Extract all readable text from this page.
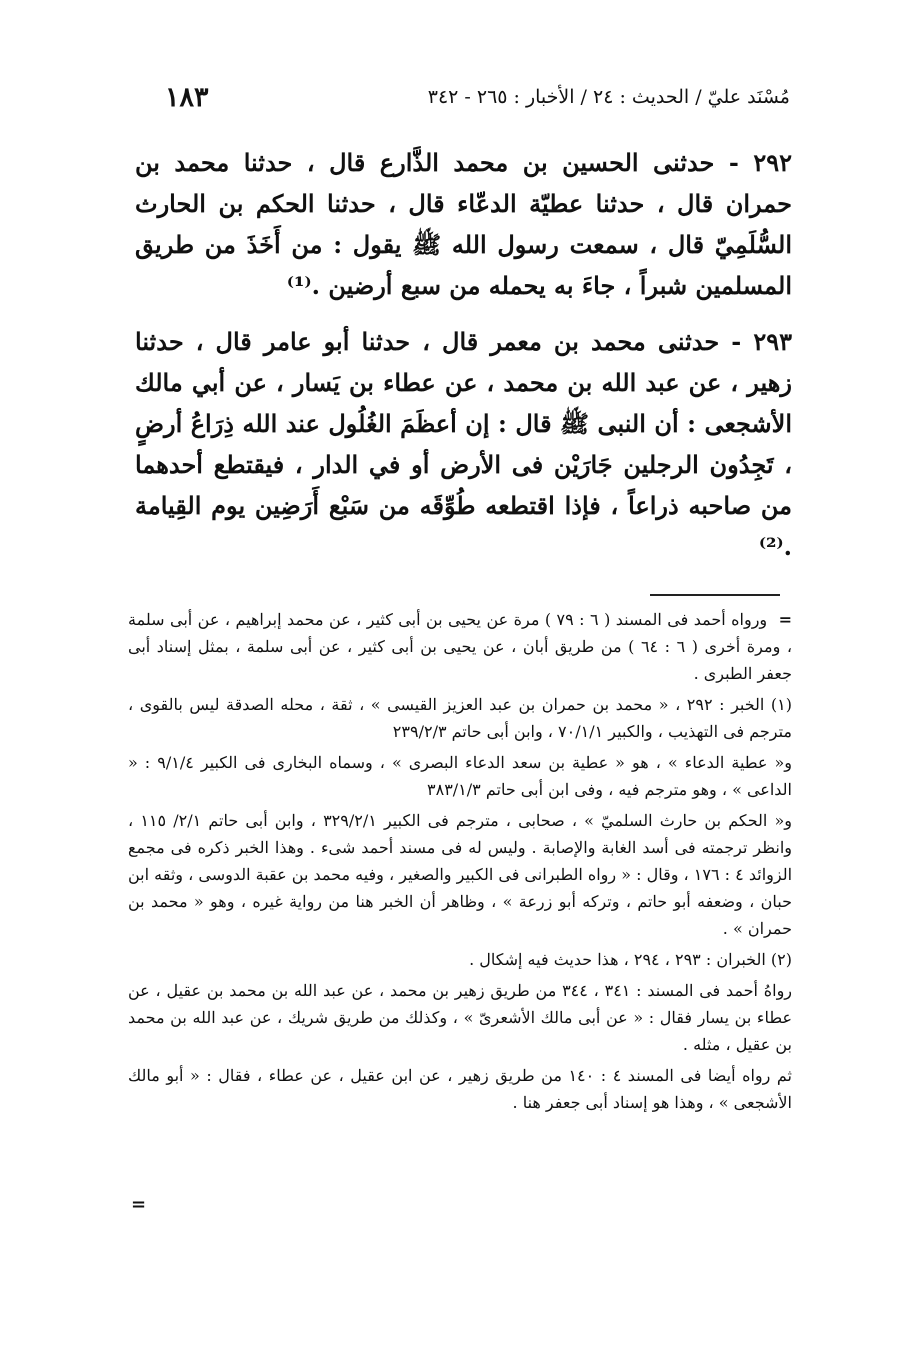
مُسْنَد عليّ / الحديث : ٢٤ / الأخبار : ٢٦٥ - ٣٤٢
١٨٣

٢٩٢ - حدثنى الحسين بن محمد الذَّارع قال ، حدثنا محمد بن حمران قال ، حدثنا عطيّة الدعّاء قال ، حدثنا الحكم بن الحارث السُّلَمِيّ قال ، سمعت رسول الله ﷺ يقول : من أَخَذَ من طريق المسلمين شبراً ، جاءَ به يحمله من سبع أرضين .⁽¹⁾

٢٩٣ - حدثنى محمد بن معمر قال ، حدثنا أبو عامر قال ، حدثنا زهير ، عن عبد الله بن محمد ، عن عطاء بن يَسار ، عن أبي مالك الأشجعى : أن النبى ﷺ قال : إن أعظَمَ الغُلُول عند الله ذِرَاعُ أرضٍ ، تَجِدُون الرجلين جَارَيْن فى الأرض أو في الدار ، فيقتطع أحدهما من صاحبه ذراعاً ، فإذا اقتطعه طُوِّقَه من سَبْع أَرَضِين يوم القِيامة .⁽²⁾

= ورواه أحمد فى المسند ( ٦ : ٧٩ ) مرة عن يحيى بن أبى كثير ، عن محمد إبراهيم ، عن أبى سلمة ، ومرة أخرى ( ٦ : ٦٤ ) من طريق أبان ، عن يحيى بن أبى كثير ، عن أبى سلمة ، بمثل إسناد أبى جعفر الطبرى .

(١) الخبر : ٢٩٢ ، « محمد بن حمران بن عبد العزيز القيسى » ، ثقة ، محله الصدقة ليس بالقوى ، مترجم فى التهذيب ، والكبير ٧٠/١/١ ، وابن أبى حاتم ٢٣٩/٢/٣

و« عطية الدعاء » ، هو « عطية بن سعد الدعاء البصرى » ، وسماه البخارى فى الكبير ٩/١/٤ : « الداعى » ، وهو مترجم فيه ، وفى ابن أبى حاتم ٣٨٣/١/٣

و« الحكم بن حارث السلميّ » ، صحابى ، مترجم فى الكبير ٣٢٩/٢/١ ، وابن أبى حاتم ٢/١/ ١١٥ ، وانظر ترجمته فى أسد الغابة والإصابة . وليس له فى مسند أحمد شىء . وهذا الخبر ذكره فى مجمع الزوائد ٤ : ١٧٦ ، وقال : « رواه الطبرانى فى الكبير والصغير ، وفيه محمد بن عقبة الدوسى ، وثقه ابن حبان ، وضعفه أبو حاتم ، وتركه أبو زرعة » ، وظاهر أن الخبر هنا من رواية غيره ، وهو « محمد بن حمران » .

(٢) الخبران : ٢٩٣ ، ٢٩٤ ، هذا حديث فيه إشكال .

رواهُ أحمد فى المسند : ٣٤١ ، ٣٤٤ من طريق زهير بن محمد ، عن عبد الله بن محمد بن عقيل ، عن عطاء بن يسار فقال : « عن أبى مالك الأشعرىّ » ، وكذلك من طريق شريك ، عن عبد الله بن محمد بن عقيل ، مثله .

ثم رواه أيضا فى المسند ٤ : ١٤٠ من طريق زهير ، عن ابن عقيل ، عن عطاء ، فقال : « أبو مالك الأشجعى » ، وهذا هو إسناد أبى جعفر هنا .

=
